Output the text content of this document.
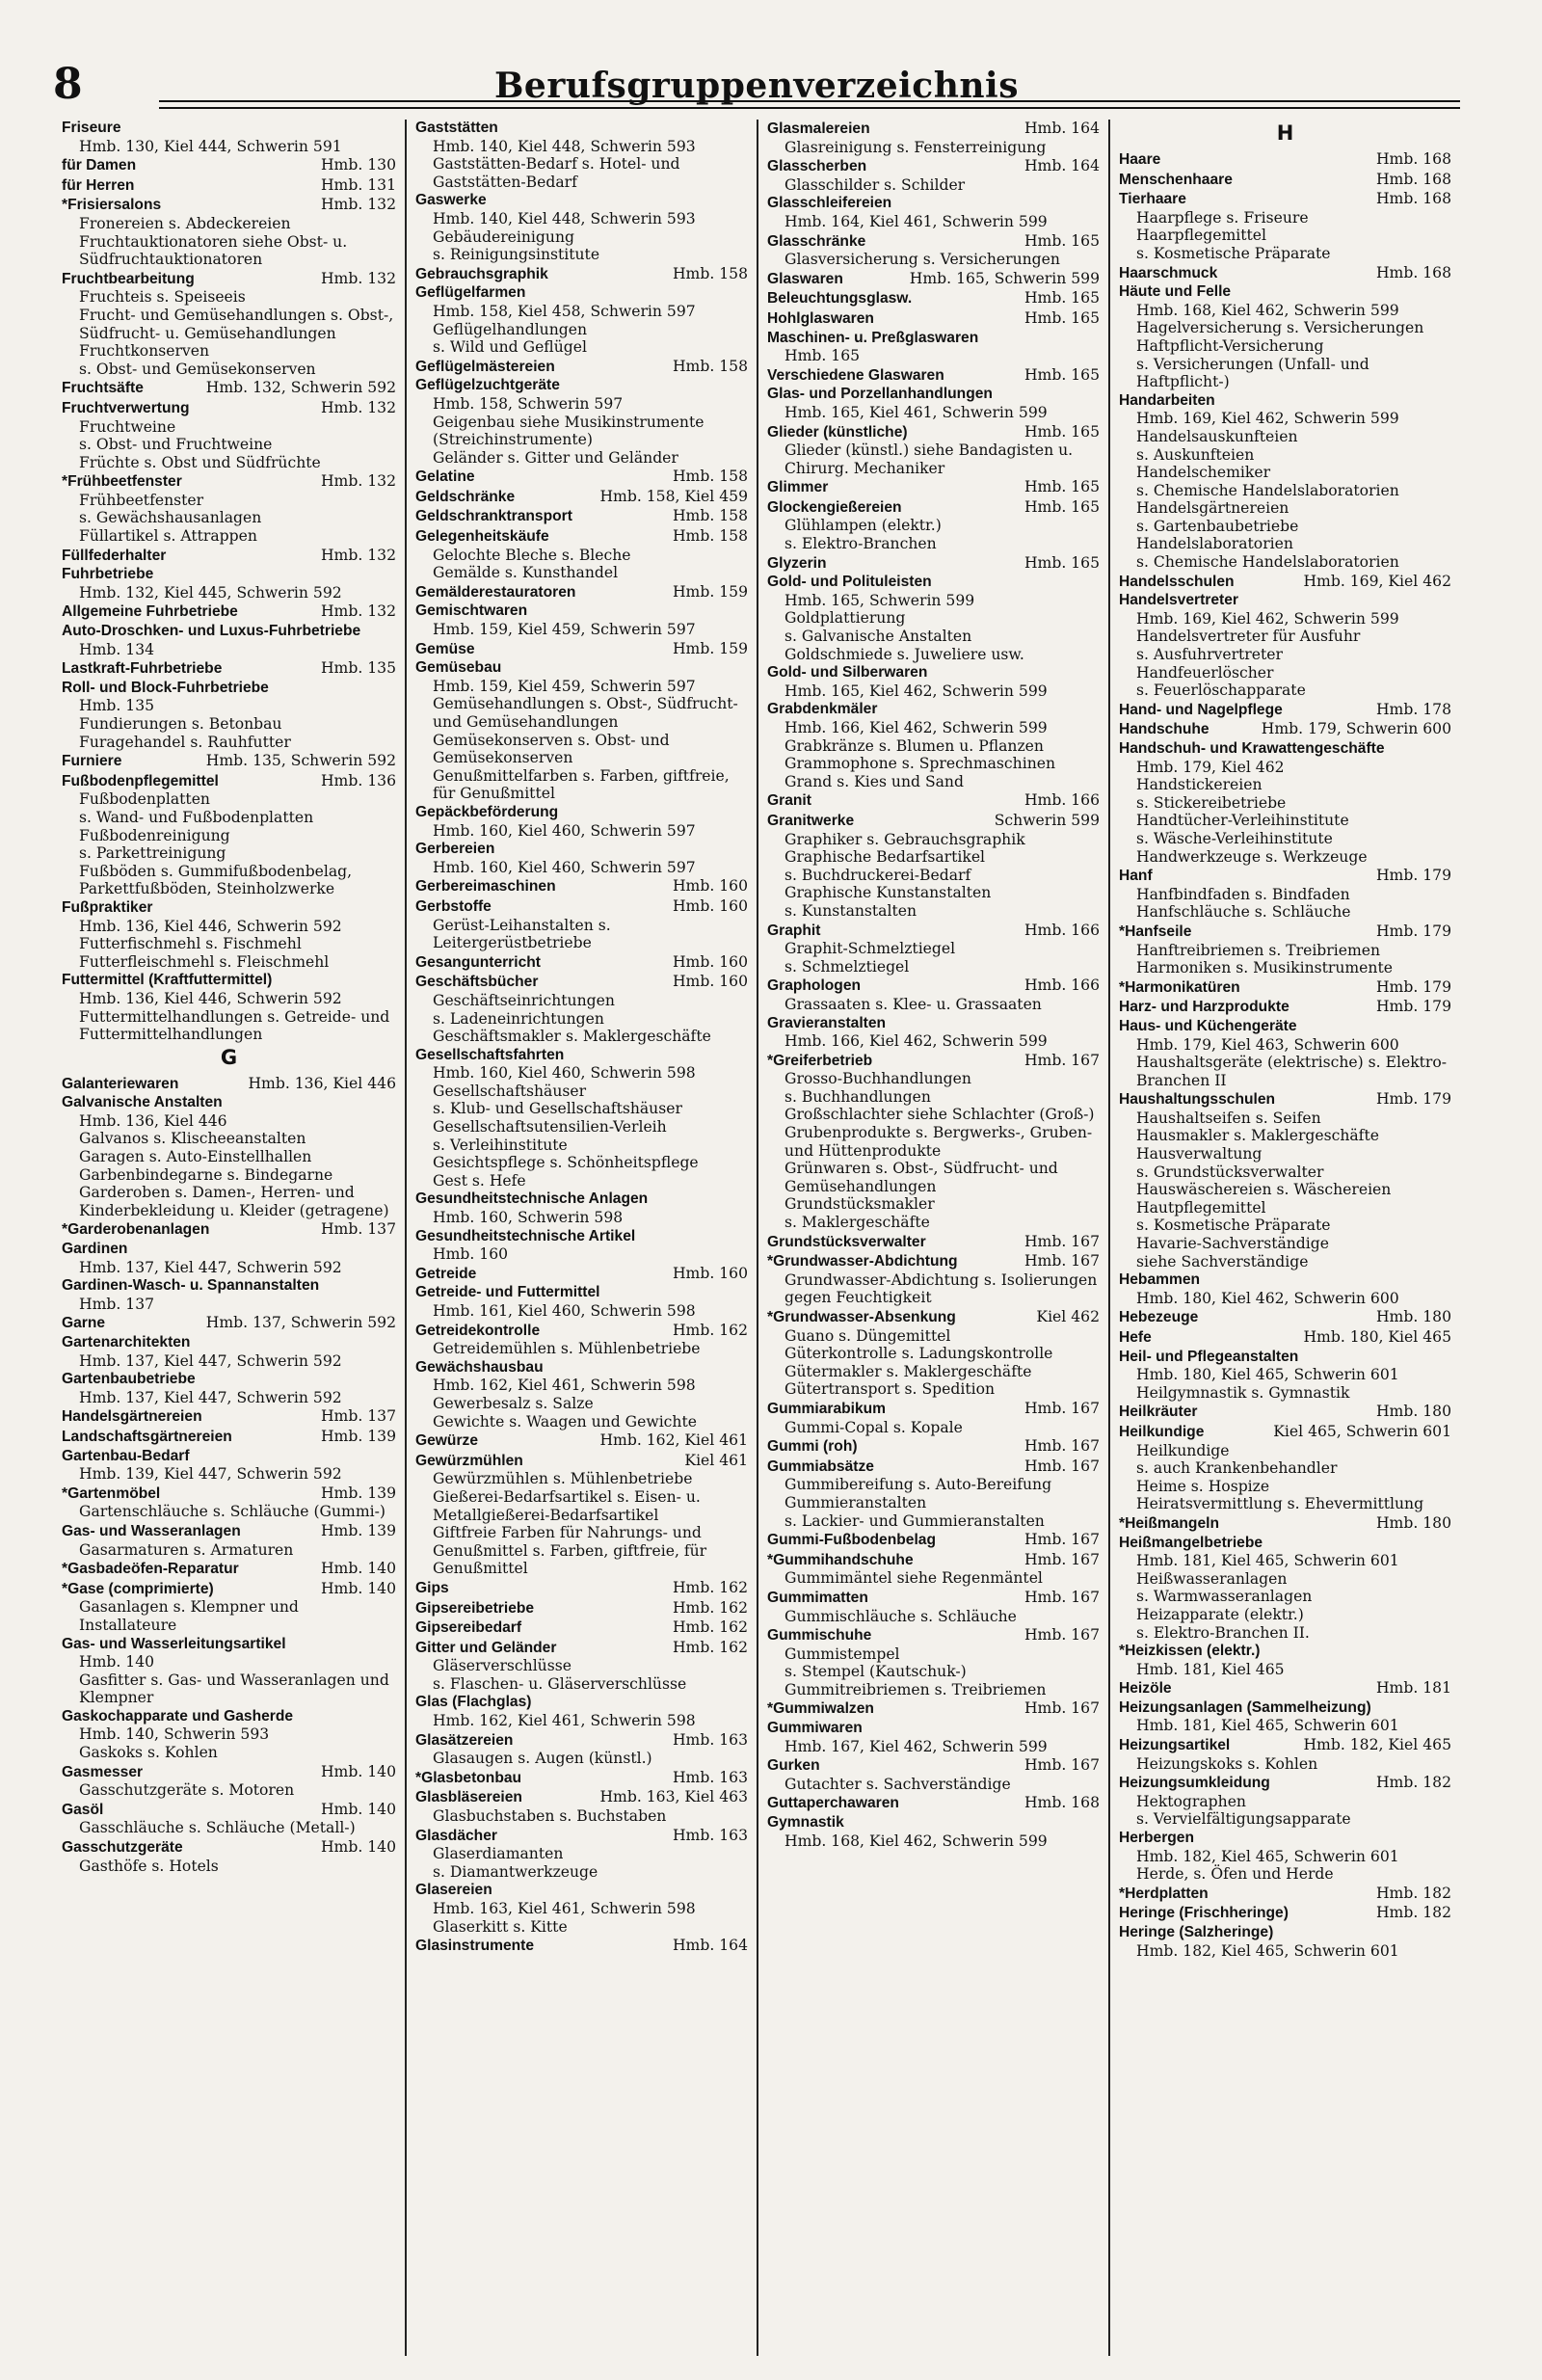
8	Berufsgruppenverzeichnis
Friseure
Hmb. 130, Kiel 444, Schwerin 591
für Damen	Hmb. 130
für Herren	Hmb. 131
*Frisiersalons	Hmb. 132
Fronereien s. Abdeckereien
Fruchtauktionatoren siehe Obst- u. Südfruchtauktionatoren
Fruchtbearbeitung	Hmb. 132
Fruchteis s. Speiseeis
Frucht- und Gemüsehandlungen s. Obst-, Südfrucht- u. Gemüsehandlungen
Fruchtkonserven
s. Obst- und Gemüsekonserven
Fruchtsäfte	Hmb. 132, Schwerin 592
Fruchtverwertung	Hmb. 132
Fruchtweine
s. Obst- und Fruchtweine
Früchte s. Obst und Südfrüchte
*Frühbeetfenster	Hmb. 132
Frühbeetfenster
s. Gewächshausanlagen
Füllartikel s. Attrappen
Füllfederhalter	Hmb. 132
Fuhrbetriebe
Hmb. 132, Kiel 445, Schwerin 592
Allgemeine Fuhrbetriebe	Hmb. 132
Auto-Droschken- und Luxus-Fuhrbetriebe
Hmb. 134
Lastkraft-Fuhrbetriebe	Hmb. 135
Roll- und Block-Fuhrbetriebe
Hmb. 135
Fundierungen s. Betonbau
Furagehandel s. Rauhfutter
Furniere	Hmb. 135, Schwerin 592
Fußbodenpflegemittel	Hmb. 136
Fußbodenplatten
s. Wand- und Fußbodenplatten
Fußbodenreinigung
s. Parkettreinigung
Fußböden s. Gummifußbodenbelag, Parkettfußböden, Steinholzwerke
Fußpraktiker
Hmb. 136, Kiel 446, Schwerin 592
Futterfischmehl s. Fischmehl
Futterfleischmehl s. Fleischmehl
Futtermittel (Kraftfuttermittel)
Hmb. 136, Kiel 446, Schwerin 592
Futtermittelhandlungen s. Getreide- und Futtermittelhandlungen
G
Galanteriewaren	Hmb. 136, Kiel 446
Galvanische Anstalten
Hmb. 136, Kiel 446
Galvanos s. Klischeeanstalten
Garagen s. Auto-Einstellhallen
Garbenbindegarne s. Bindegarne
Garderoben s. Damen-, Herren- und Kinderbekleidung u. Kleider (getragene)
*Garderobenanlagen	Hmb. 137
Gardinen
Hmb. 137, Kiel 447, Schwerin 592
Gardinen-Wasch- u. Spannanstalten
Hmb. 137
Garne	Hmb. 137, Schwerin 592
Gartenarchitekten
Hmb. 137, Kiel 447, Schwerin 592
Gartenbaubetriebe
Hmb. 137, Kiel 447, Schwerin 592
Handelsgärtnereien	Hmb. 137
Landschaftsgärtnereien	Hmb. 139
Gartenbau-Bedarf
Hmb. 139, Kiel 447, Schwerin 592
*Gartenmöbel	Hmb. 139
Gartenschläuche s. Schläuche (Gummi-)
Gas- und Wasseranlagen	Hmb. 139
Gasarmaturen s. Armaturen
*Gasbadeöfen-Reparatur	Hmb. 140
*Gase (comprimierte)	Hmb. 140
Gasanlagen s. Klempner und Installateure
Gas- und Wasserleitungsartikel
Hmb. 140
Gasfitter s. Gas- und Wasseranlagen und Klempner
Gaskochapparate und Gasherde
Hmb. 140, Schwerin 593
Gaskoks s. Kohlen
Gasmesser	Hmb. 140
Gasschutzgeräte s. Motoren
Gasöl	Hmb. 140
Gasschläuche s. Schläuche (Metall-)
Gasschutzgeräte	Hmb. 140
Gasthöfe s. Hotels
Gaststätten
Hmb. 140, Kiel 448, Schwerin 593
Gaststätten-Bedarf s. Hotel- und Gaststätten-Bedarf
Gaswerke
Hmb. 140, Kiel 448, Schwerin 593
Gebäudereinigung
s. Reinigungsinstitute
Gebrauchsgraphik	Hmb. 158
Geflügelfarmen
Hmb. 158, Kiel 458, Schwerin 597
Geflügelhandlungen
s. Wild und Geflügel
Geflügelmästereien	Hmb. 158
Geflügelzuchtgeräte
Hmb. 158, Schwerin 597
Geigenbau siehe Musikinstrumente (Streichinstrumente)
Geländer s. Gitter und Geländer
Gelatine	Hmb. 158
Geldschränke	Hmb. 158, Kiel 459
Geldschranktransport	Hmb. 158
Gelegenheitskäufe	Hmb. 158
Gelochte Bleche s. Bleche
Gemälde s. Kunsthandel
Gemälderestauratoren	Hmb. 159
Gemischtwaren
Hmb. 159, Kiel 459, Schwerin 597
Gemüse	Hmb. 159
Gemüsebau
Hmb. 159, Kiel 459, Schwerin 597
Gemüsehandlungen s. Obst-, Südfrucht- und Gemüsehandlungen
Gemüsekonserven s. Obst- und Gemüsekonserven
Genußmittelfarben s. Farben, giftfreie, für Genußmittel
Gepäckbeförderung
Hmb. 160, Kiel 460, Schwerin 597
Gerbereien
Hmb. 160, Kiel 460, Schwerin 597
Gerbereimaschinen	Hmb. 160
Gerbstoffe	Hmb. 160
Gerüst-Leihanstalten s. Leitergerüstbetriebe
Gesangunterricht	Hmb. 160
Geschäftsbücher	Hmb. 160
Geschäftseinrichtungen
s. Ladeneinrichtungen
Geschäftsmakler s. Maklergeschäfte
Gesellschaftsfahrten
Hmb. 160, Kiel 460, Schwerin 598
Gesellschaftshäuser
s. Klub- und Gesellschaftshäuser
Gesellschaftsutensilien-Verleih
s. Verleihinstitute
Gesichtspflege s. Schönheitspflege
Gest s. Hefe
Gesundheitstechnische Anlagen
Hmb. 160, Schwerin 598
Gesundheitstechnische Artikel
Hmb. 160
Getreide	Hmb. 160
Getreide- und Futtermittel
Hmb. 161, Kiel 460, Schwerin 598
Getreidekontrolle	Hmb. 162
Getreidemühlen s. Mühlenbetriebe
Gewächshausbau
Hmb. 162, Kiel 461, Schwerin 598
Gewerbesalz s. Salze
Gewichte s. Waagen und Gewichte
Gewürze	Hmb. 162, Kiel 461
Gewürzmühlen	Kiel 461
Gewürzmühlen s. Mühlenbetriebe
Gießerei-Bedarfsartikel s. Eisen- u. Metallgießerei-Bedarfsartikel
Giftfreie Farben für Nahrungs- und Genußmittel s. Farben, giftfreie, für Genußmittel
Gips	Hmb. 162
Gipsereibetriebe	Hmb. 162
Gipsereibedarf	Hmb. 162
Gitter und Geländer	Hmb. 162
Gläserverschlüsse
s. Flaschen- u. Gläserverschlüsse
Glas (Flachglas)
Hmb. 162, Kiel 461, Schwerin 598
Glasätzereien	Hmb. 163
Glasaugen s. Augen (künstl.)
*Glasbetonbau	Hmb. 163
Glasbläsereien	Hmb. 163, Kiel 463
Glasbuchstaben s. Buchstaben
Glasdächer	Hmb. 163
Glaserdiamanten
s. Diamantwerkzeuge
Glasereien
Hmb. 163, Kiel 461, Schwerin 598
Glaserkitt s. Kitte
Glasinstrumente	Hmb. 164
Glasmalereien	Hmb. 164
Glasreinigung s. Fensterreinigung
Glasscherben	Hmb. 164
Glasschilder s. Schilder
Glasschleifereien
Hmb. 164, Kiel 461, Schwerin 599
Glasschränke	Hmb. 165
Glasversicherung s. Versicherungen
Glaswaren	Hmb. 165, Schwerin 599
Beleuchtungsglasw.	Hmb. 165
Hohlglaswaren	Hmb. 165
Maschinen- u. Preßglaswaren
Hmb. 165
Verschiedene Glaswaren	Hmb. 165
Glas- und Porzellanhandlungen
Hmb. 165, Kiel 461, Schwerin 599
Glieder (künstliche)	Hmb. 165
Glieder (künstl.) siehe Bandagisten u. Chirurg. Mechaniker
Glimmer	Hmb. 165
Glockengießereien	Hmb. 165
Glühlampen (elektr.)
s. Elektro-Branchen
Glyzerin	Hmb. 165
Gold- und Polituleisten
Hmb. 165, Schwerin 599
Goldplattierung
s. Galvanische Anstalten
Goldschmiede s. Juweliere usw.
Gold- und Silberwaren
Hmb. 165, Kiel 462, Schwerin 599
Grabdenkmäler
Hmb. 166, Kiel 462, Schwerin 599
Grabkränze s. Blumen u. Pflanzen
Grammophone s. Sprechmaschinen
Grand s. Kies und Sand
Granit	Hmb. 166
Granitwerke	Schwerin 599
Graphiker s. Gebrauchsgraphik
Graphische Bedarfsartikel
s. Buchdruckerei-Bedarf
Graphische Kunstanstalten
s. Kunstanstalten
Graphit	Hmb. 166
Graphit-Schmelztiegel
s. Schmelztiegel
Graphologen	Hmb. 166
Grassaaten s. Klee- u. Grassaaten
Gravieranstalten
Hmb. 166, Kiel 462, Schwerin 599
*Greiferbetrieb	Hmb. 167
Grosso-Buchhandlungen
s. Buchhandlungen
Großschlachter siehe Schlachter (Groß-)
Grubenprodukte s. Bergwerks-, Gruben- und Hüttenprodukte
Grünwaren s. Obst-, Südfrucht- und Gemüsehandlungen
Grundstücksmakler
s. Maklergeschäfte
Grundstücksverwalter	Hmb. 167
*Grundwasser-Abdichtung	Hmb. 167
Grundwasser-Abdichtung s. Isolierungen gegen Feuchtigkeit
*Grundwasser-Absenkung	Kiel 462
Guano s. Düngemittel
Güterkontrolle s. Ladungskontrolle
Gütermakler s. Maklergeschäfte
Gütertransport s. Spedition
Gummiarabikum	Hmb. 167
Gummi-Copal s. Kopale
Gummi (roh)	Hmb. 167
Gummiabsätze	Hmb. 167
Gummibereifung s. Auto-Bereifung
Gummieranstalten
s. Lackier- und Gummieranstalten
Gummi-Fußbodenbelag	Hmb. 167
*Gummihandschuhe	Hmb. 167
Gummimäntel siehe Regenmäntel
Gummimatten	Hmb. 167
Gummischläuche s. Schläuche
Gummischuhe	Hmb. 167
Gummistempel
s. Stempel (Kautschuk-)
Gummitreibriemen s. Treibriemen
*Gummiwalzen	Hmb. 167
Gummiwaren
Hmb. 167, Kiel 462, Schwerin 599
Gurken	Hmb. 167
Gutachter s. Sachverständige
Guttaperchawaren	Hmb. 168
Gymnastik
Hmb. 168, Kiel 462, Schwerin 599
H
Haare	Hmb. 168
Menschenhaare	Hmb. 168
Tierhaare	Hmb. 168
Haarpflege s. Friseure
Haarpflegemittel
s. Kosmetische Präparate
Haarschmuck	Hmb. 168
Häute und Felle
Hmb. 168, Kiel 462, Schwerin 599
Hagelversicherung s. Versicherungen
Haftpflicht-Versicherung
s. Versicherungen (Unfall- und Haftpflicht-)
Handarbeiten
Hmb. 169, Kiel 462, Schwerin 599
Handelsauskunfteien
s. Auskunfteien
Handelschemiker
s. Chemische Handelslaboratorien
Handelsgärtnereien
s. Gartenbaubetriebe
Handelslaboratorien
s. Chemische Handelslaboratorien
Handelsschulen	Hmb. 169, Kiel 462
Handelsvertreter
Hmb. 169, Kiel 462, Schwerin 599
Handelsvertreter für Ausfuhr
s. Ausfuhrvertreter
Handfeuerlöscher
s. Feuerlöschapparate
Hand- und Nagelpflege	Hmb. 178
Handschuhe	Hmb. 179, Schwerin 600
Handschuh- und Krawattengeschäfte
Hmb. 179, Kiel 462
Handstickereien
s. Stickereibetriebe
Handtücher-Verleihinstitute
s. Wäsche-Verleihinstitute
Handwerkzeuge s. Werkzeuge
Hanf	Hmb. 179
Hanfbindfaden s. Bindfaden
Hanfschläuche s. Schläuche
*Hanfseile	Hmb. 179
Hanftreibriemen s. Treibriemen
Harmoniken s. Musikinstrumente
*Harmonikatüren	Hmb. 179
Harz- und Harzprodukte	Hmb. 179
Haus- und Küchengeräte
Hmb. 179, Kiel 463, Schwerin 600
Haushaltsgeräte (elektrische) s. Elektro-Branchen II
Haushaltungsschulen	Hmb. 179
Haushaltseifen s. Seifen
Hausmakler s. Maklergeschäfte
Hausverwaltung
s. Grundstücksverwalter
Hauswäschereien s. Wäschereien
Hautpflegemittel
s. Kosmetische Präparate
Havarie-Sachverständige
siehe Sachverständige
Hebammen
Hmb. 180, Kiel 462, Schwerin 600
Hebezeuge	Hmb. 180
Hefe	Hmb. 180, Kiel 465
Heil- und Pflegeanstalten
Hmb. 180, Kiel 465, Schwerin 601
Heilgymnastik s. Gymnastik
Heilkräuter	Hmb. 180
Heilkundige	Kiel 465, Schwerin 601
Heilkundige
s. auch Krankenbehandler
Heime s. Hospize
Heiratsvermittlung s. Ehevermittlung
*Heißmangeln	Hmb. 180
Heißmangelbetriebe
Hmb. 181, Kiel 465, Schwerin 601
Heißwasseranlagen
s. Warmwasseranlagen
Heizapparate (elektr.)
s. Elektro-Branchen II.
*Heizkissen (elektr.)
Hmb. 181, Kiel 465
Heizöle	Hmb. 181
Heizungsanlagen (Sammelheizung)
Hmb. 181, Kiel 465, Schwerin 601
Heizungsartikel	Hmb. 182, Kiel 465
Heizungskoks s. Kohlen
Heizungsumkleidung	Hmb. 182
Hektographen
s. Vervielfältigungsapparate
Herbergen
Hmb. 182, Kiel 465, Schwerin 601
Herde, s. Öfen und Herde
*Herdplatten	Hmb. 182
Heringe (Frischheringe)	Hmb. 182
Heringe (Salzheringe)
Hmb. 182, Kiel 465, Schwerin 601
